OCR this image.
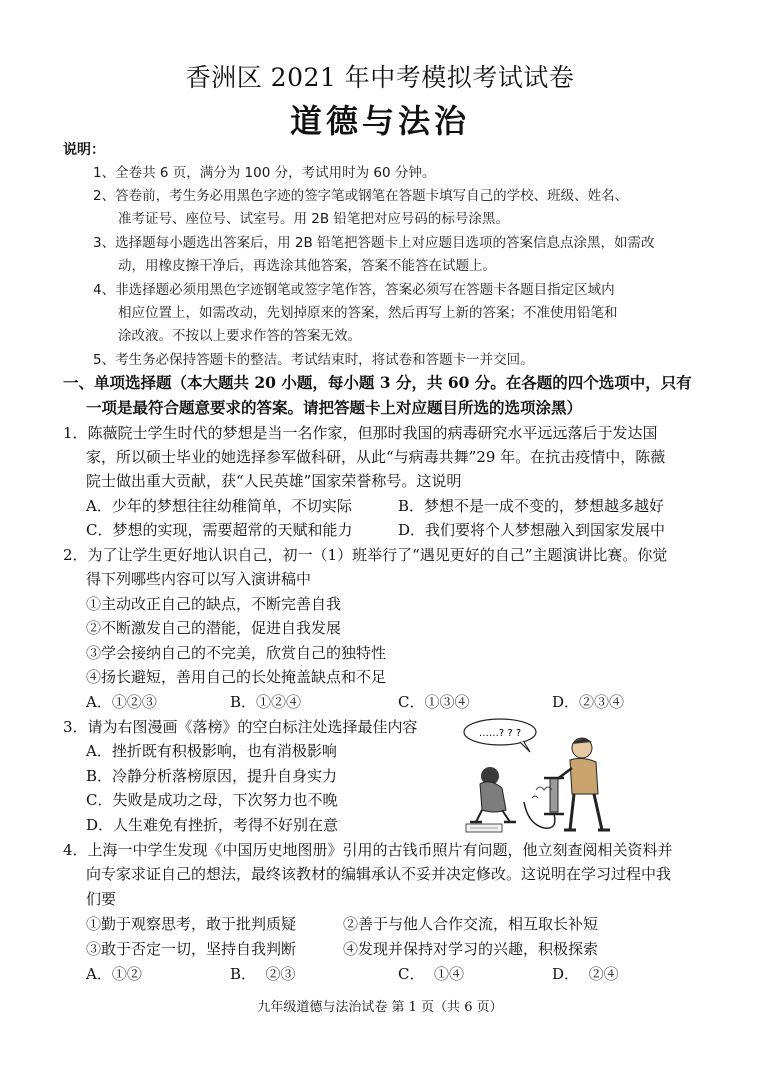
香洲区 2021 年中考模拟考试试卷
道德与法治
说明：
1、全卷共 6 页，满分为 100 分，考试用时为 60 分钟。
2、答卷前，考生务必用黑色字迹的签字笔或钢笔在答题卡填写自己的学校、班级、姓名、
准考证号、座位号、试室号。用 2B 铅笔把对应号码的标号涂黑。
3、选择题每小题选出答案后，用 2B 铅笔把答题卡上对应题目选项的答案信息点涂黑，如需改
动，用橡皮擦干净后，再选涂其他答案，答案不能答在试题上。
4、非选择题必须用黑色字迹钢笔或签字笔作答，答案必须写在答题卡各题目指定区域内
相应位置上，如需改动，先划掉原来的答案，然后再写上新的答案；不准使用铅笔和
涂改液。不按以上要求作答的答案无效。
5、考生务必保持答题卡的整洁。考试结束时，将试卷和答题卡一并交回。
一、单项选择题（本大题共 20 小题，每小题 3 分，共 60 分。在各题的四个选项中，只有
一项是最符合题意要求的答案。请把答题卡上对应题目所选的选项涂黑）
1．陈薇院士学生时代的梦想是当一名作家，但那时我国的病毒研究水平远远落后于发达国
家，所以硕士毕业的她选择参军做科研，从此“与病毒共舞”29 年。在抗击疫情中，陈薇
院士做出重大贡献，获“人民英雄”国家荣誉称号。这说明
A．少年的梦想往往幼稚简单，不切实际	B．梦想不是一成不变的，梦想越多越好
C．梦想的实现，需要超常的天赋和能力	D．我们要将个人梦想融入到国家发展中
2．为了让学生更好地认识自己，初一（1）班举行了“遇见更好的自己”主题演讲比赛。你觉
得下列哪些内容可以写入演讲稿中
①主动改正自己的缺点，不断完善自我
②不断激发自己的潜能，促进自我发展
③学会接纳自己的不完美，欣赏自己的独特性
④扬长避短，善用自己的长处掩盖缺点和不足
A．①②③	B．①②④	C．①③④	D．②③④
3．请为右图漫画《落榜》的空白标注处选择最佳内容
A．挫折既有积极影响，也有消极影响
B．冷静分析落榜原因，提升自身实力
C．失败是成功之母，下次努力也不晚
D．人生难免有挫折，考得不好别在意
……? ? ?
4．上海一中学生发现《中国历史地图册》引用的古钱币照片有问题，他立刻查阅相关资料并
向专家求证自己的想法，最终该教材的编辑承认不妥并决定修改。这说明在学习过程中我
们要
①勤于观察思考，敢于批判质疑	②善于与他人合作交流，相互取长补短
③敢于否定一切，坚持自我判断	④发现并保持对学习的兴趣，积极探索
A．①②	B．  ②③	C．  ①④	D．  ②④
九年级道德与法治试卷 第 1 页（共 6 页）
